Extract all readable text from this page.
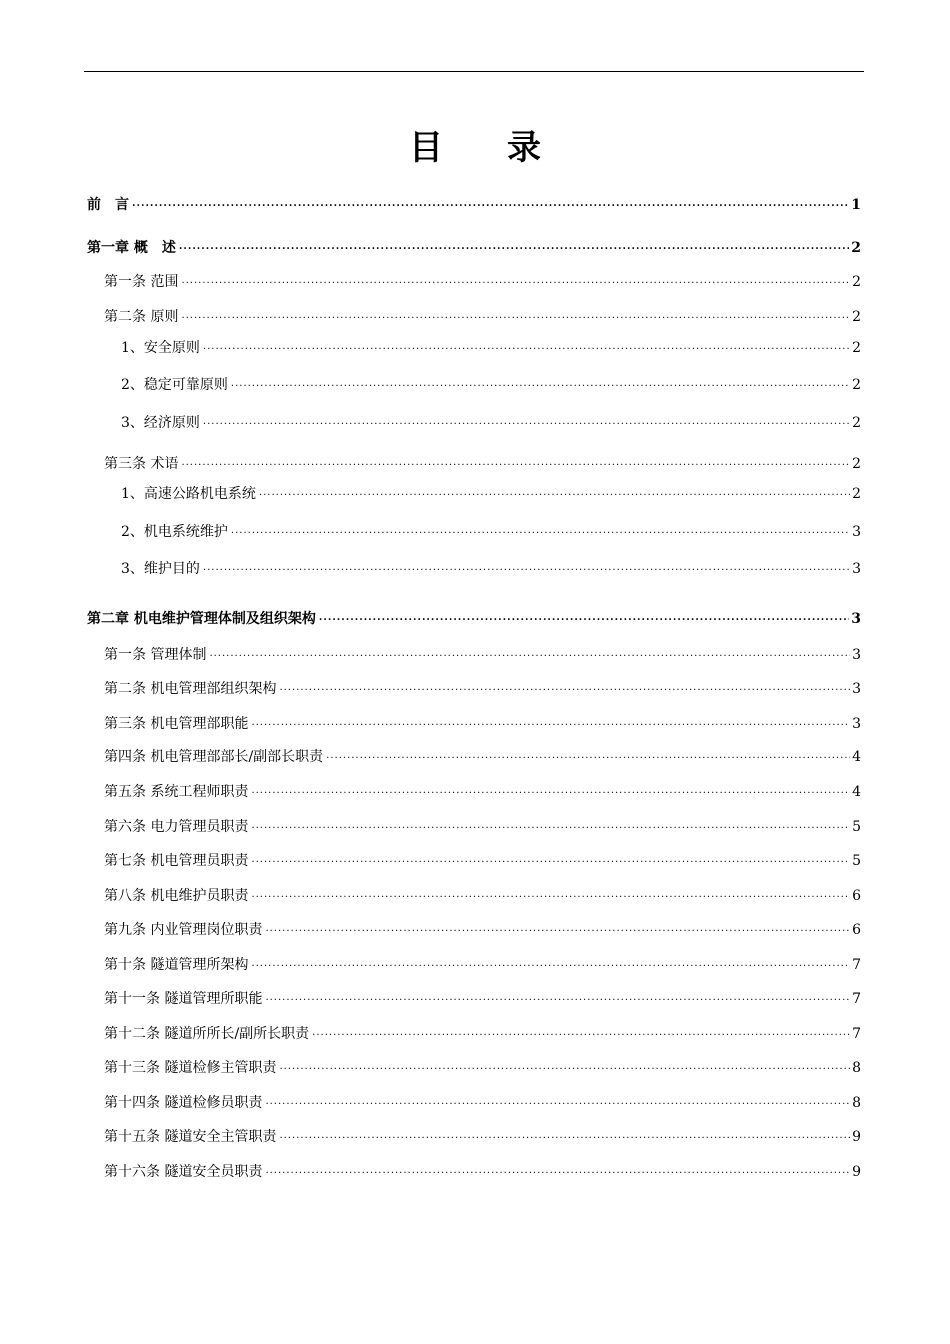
目 录
前　言 .....	1
第一章 概　述 .....	2
第一条 范围 .....	2
第二条 原则 .....	2
1、安全原则 .....	2
2、稳定可靠原则 .....	2
3、经济原则 .....	2
第三条 术语 .....	2
1、高速公路机电系统 .....	2
2、机电系统维护 .....	3
3、维护目的 .....	3
第二章 机电维护管理体制及组织架构 .....	3
第一条 管理体制 .....	3
第二条 机电管理部组织架构 .....	3
第三条 机电管理部职能 .....	3
第四条 机电管理部部长/副部长职责 .....	4
第五条 系统工程师职责 .....	4
第六条 电力管理员职责 .....	5
第七条 机电管理员职责 .....	5
第八条 机电维护员职责 .....	6
第九条 内业管理岗位职责 .....	6
第十条 隧道管理所架构 .....	7
第十一条 隧道管理所职能 .....	7
第十二条 隧道所所长/副所长职责 .....	7
第十三条 隧道检修主管职责 .....	8
第十四条 隧道检修员职责 .....	8
第十五条 隧道安全主管职责 .....	9
第十六条 隧道安全员职责 .....	9
